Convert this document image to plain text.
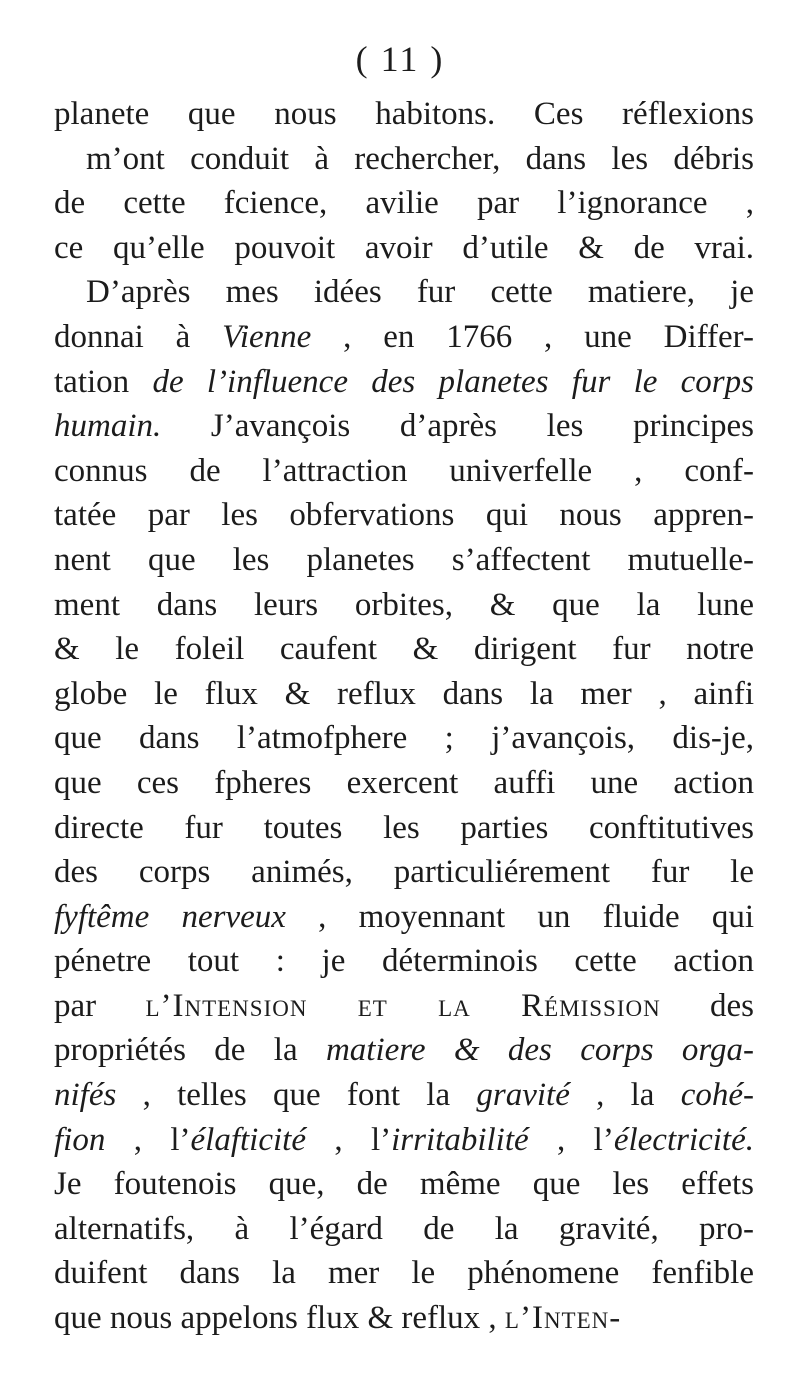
( 11 )
planete que nous habitons. Ces réflexions
m’ont conduit à rechercher, dans les débris
de cette fcience, avilie par l’ignorance ,
ce qu’elle pouvoit avoir d’utile & de vrai.
D’après mes idées fur cette matiere, je
donnai à Vienne , en 1766 , une Differ-
tation de l’influence des planetes fur le corps
humain. J’avançois d’après les principes
connus de l’attraction univerfelle , conf-
tatée par les obfervations qui nous appren-
nent que les planetes s’affectent mutuelle-
ment dans leurs orbites, & que la lune
& le foleil caufent & dirigent fur notre
globe le flux & reflux dans la mer , ainfi
que dans l’atmofphere ; j’avançois, dis-je,
que ces fpheres exercent auffi une action
directe fur toutes les parties conftitutives
des corps animés, particuliérement fur le
fyftême nerveux , moyennant un fluide qui
pénetre tout : je déterminois cette action
par l’Intension et la Rémission des
propriétés de la matiere & des corps orga-
nifés , telles que font la gravité , la cohé-
fion , l’élafticité , l’irritabilité , l’électricité.
Je foutenois que, de même que les effets
alternatifs, à l’égard de la gravité, pro-
duifent dans la mer le phénomene fenfible
que nous appelons flux & reflux , l’Inten-
